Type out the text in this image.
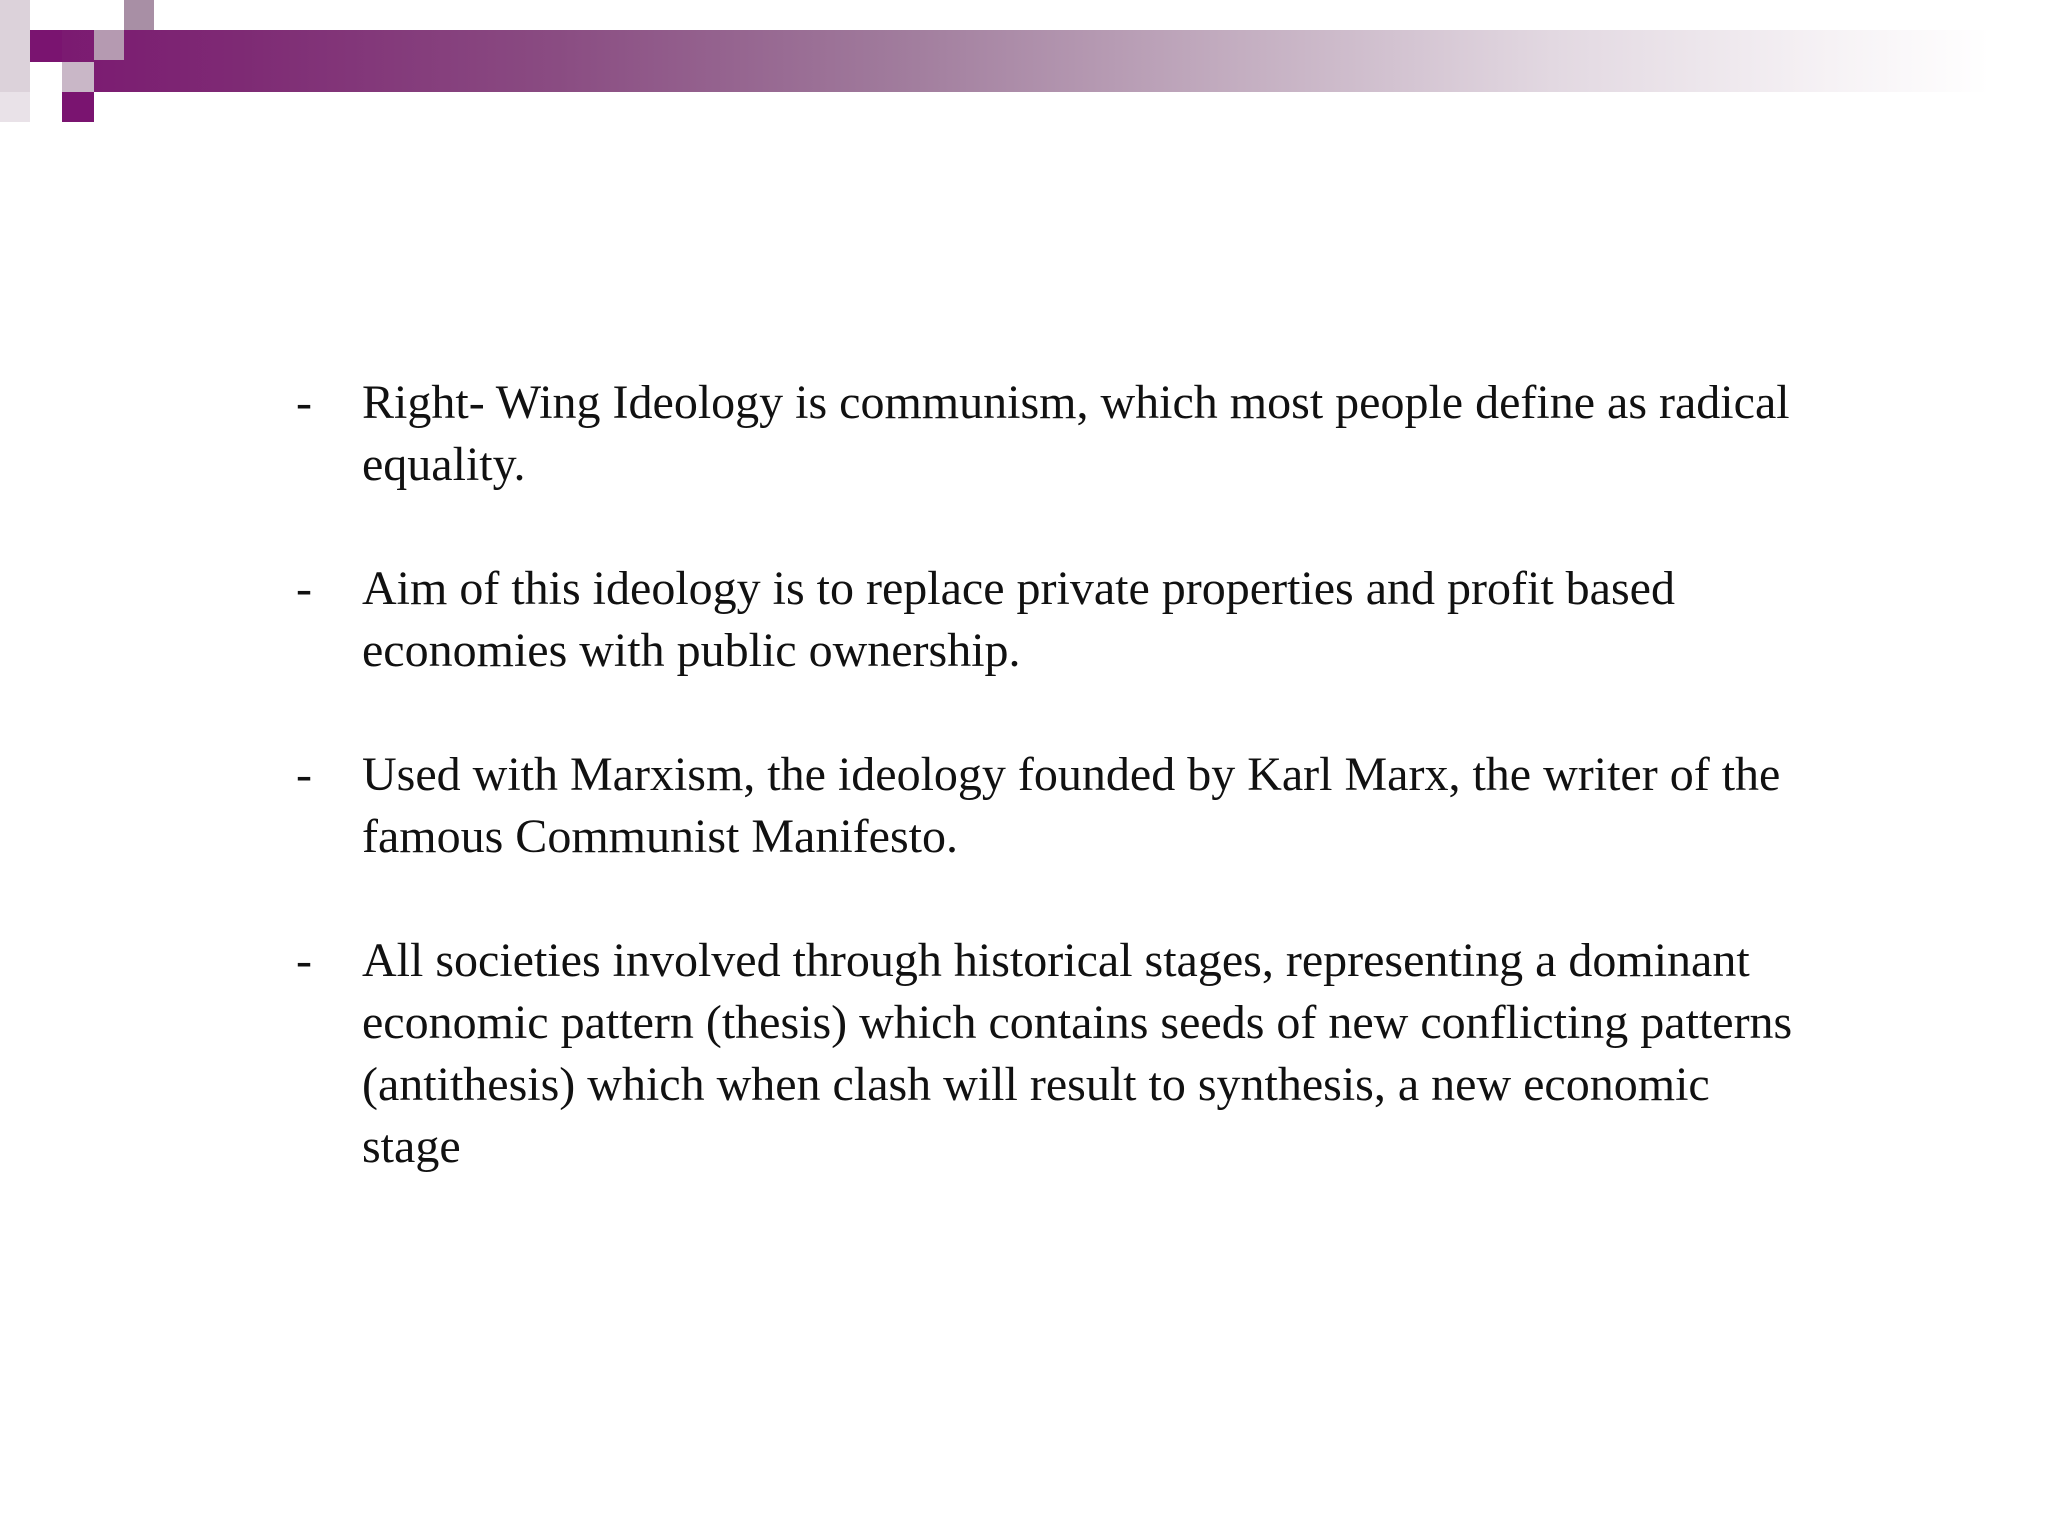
-	Right- Wing Ideology is communism, which most people define as radical equality.
-	Aim of this ideology is to replace private properties and profit based economies with public ownership.
-	Used with Marxism, the ideology founded by Karl Marx, the writer of the famous Communist Manifesto.
-	All societies involved through historical stages, representing a dominant economic pattern (thesis) which contains seeds of new conflicting patterns (antithesis) which when clash will result to synthesis, a new economic stage
